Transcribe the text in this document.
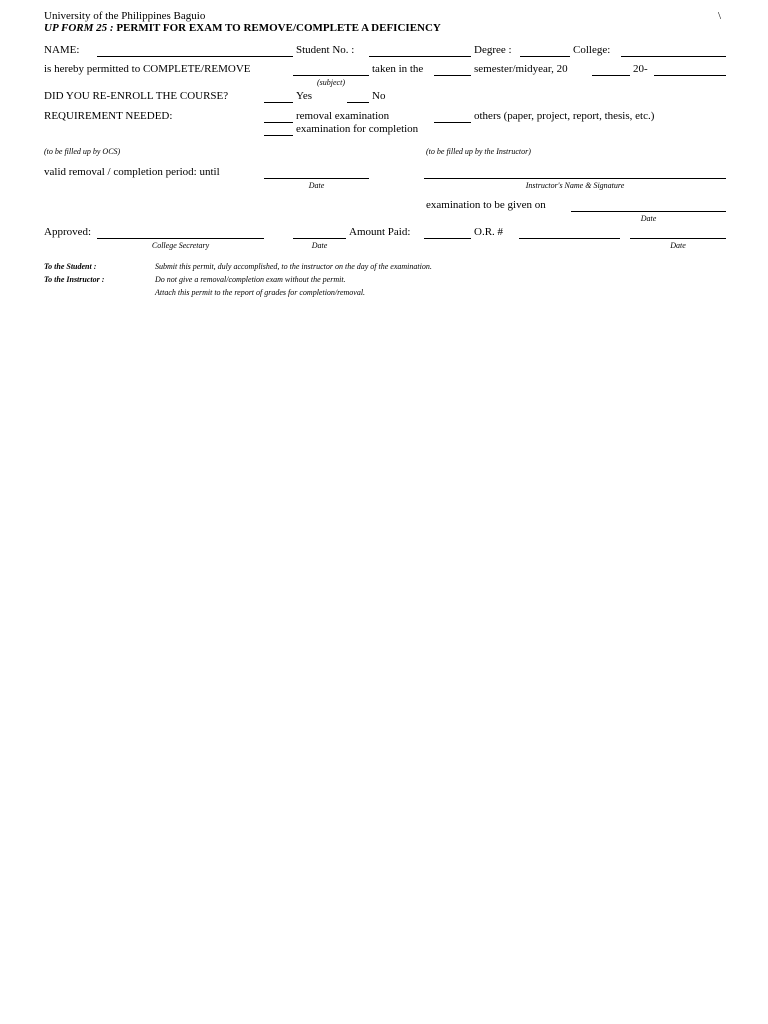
University of the Philippines Baguio	\
UP FORM 25 : PERMIT FOR EXAM TO REMOVE/COMPLETE A DEFICIENCY
NAME:	Student No. :	Degree :	College:
is hereby permitted to COMPLETE/REMOVE
(subject)
taken in the	semester/midyear, 20	20-
DID YOU RE-ENROLL THE COURSE?	Yes	No
REQUIREMENT NEEDED:	removal examination
examination for completion
others (paper, project, report, thesis, etc.)
(to be filled up by OCS)	(to be filled up by the Instructor)
valid removal / completion period: until
Date	Instructor's Name & Signature
examination to be given on
Date
Approved:
College Secretary	Date
Amount Paid:	O.R. #
Date
To the Student :	Submit this permit, duly accomplished, to the instructor on the day of the examination.
To the Instructor :	Do not give a removal/completion exam without the permit.
Attach this permit to the report of grades for completion/removal.
